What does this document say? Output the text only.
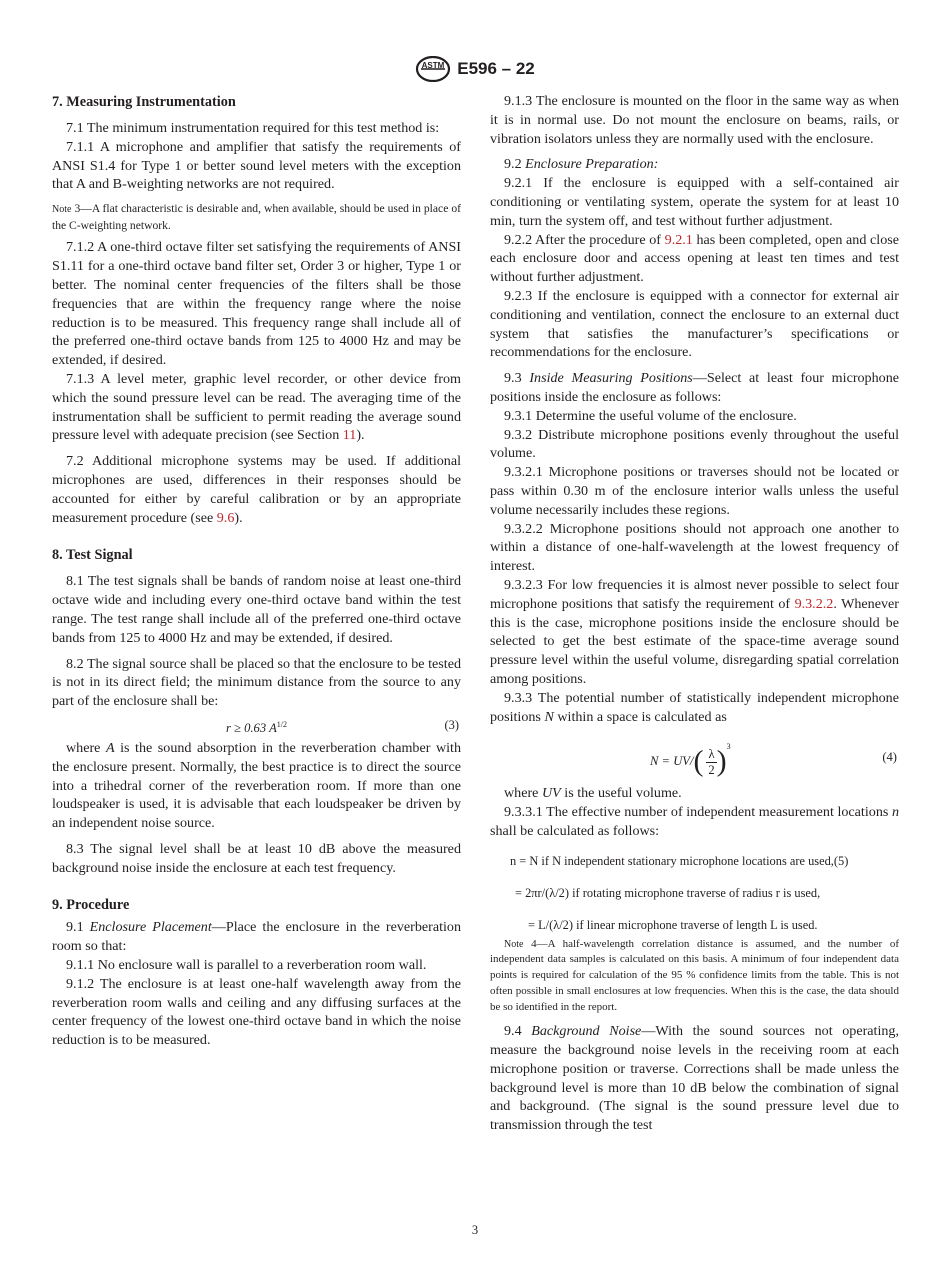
ASTM E596 – 22
7. Measuring Instrumentation

7.1 The minimum instrumentation required for this test method is:

7.1.1 A microphone and amplifier that satisfy the requirements of ANSI S1.4 for Type 1 or better sound level meters with the exception that A and B-weighting networks are not required.

Note 3—A flat characteristic is desirable and, when available, should be used in place of the C-weighting network.

7.1.2 A one-third octave filter set satisfying the requirements of ANSI S1.11 for a one-third octave band filter set, Order 3 or higher, Type 1 or better. The nominal center frequencies of the filters shall be those frequencies that are within the frequency range where the noise reduction is to be measured. This frequency range shall include all of the preferred one-third octave bands from 125 to 4000 Hz and may be extended, if desired.

7.1.3 A level meter, graphic level recorder, or other device from which the sound pressure level can be read. The averaging time of the instrumentation shall be sufficient to permit reading the average sound pressure level with adequate precision (see Section 11).

7.2 Additional microphone systems may be used. If additional microphones are used, differences in their responses should be accounted for either by careful calibration or by an appropriate measurement procedure (see 9.6).

8. Test Signal

8.1 The test signals shall be bands of random noise at least one-third octave wide and including every one-third octave band within the test range. The test range shall include all of the preferred one-third octave bands from 125 to 4000 Hz and may be extended, if desired.

8.2 The signal source shall be placed so that the enclosure to be tested is not in its direct field; the minimum distance from the source to any part of the enclosure shall be:

r ≥ 0.63 $A^{1/2}$	(3)

where A is the sound absorption in the reverberation chamber with the enclosure present. Normally, the best practice is to direct the source into a trihedral corner of the reverberation room. If more than one loudspeaker is used, it is advisable that each loudspeaker be driven by an independent noise source.

8.3 The signal level shall be at least 10 dB above the measured background noise inside the enclosure at each test frequency.

9. Procedure

9.1 Enclosure Placement—Place the enclosure in the reverberation room so that:

9.1.1 No enclosure wall is parallel to a reverberation room wall.

9.1.2 The enclosure is at least one-half wavelength away from the reverberation room walls and ceiling and any diffusing surfaces at the center frequency of the lowest one-third octave band in which the noise reduction is to be measured.

9.1.3 The enclosure is mounted on the floor in the same way as when it is in normal use. Do not mount the enclosure on beams, rails, or vibration isolators unless they are normally used with the enclosure.

9.2 Enclosure Preparation:

9.2.1 If the enclosure is equipped with a self-contained air conditioning or ventilating system, operate the system for at least 10 min, turn the system off, and test without further adjustment.

9.2.2 After the procedure of 9.2.1 has been completed, open and close each enclosure door and access opening at least ten times and test without further adjustment.

9.2.3 If the enclosure is equipped with a connector for external air conditioning and ventilation, connect the enclosure to an external duct system that satisfies the manufacturer’s specifications or recommendations for the enclosure.

9.3 Inside Measuring Positions—Select at least four microphone positions inside the enclosure as follows:

9.3.1 Determine the useful volume of the enclosure.

9.3.2 Distribute microphone positions evenly throughout the useful volume.

9.3.2.1 Microphone positions or traverses should not be located or pass within 0.30 m of the enclosure interior walls unless the useful volume necessarily includes these regions.

9.3.2.2 Microphone positions should not approach one another to within a distance of one-half-wavelength at the lowest frequency of interest.

9.3.2.3 For low frequencies it is almost never possible to select four microphone positions that satisfy the requirement of 9.3.2.2. Whenever this is the case, microphone positions inside the enclosure should be selected to get the best estimate of the space-time average sound pressure level within the useful volume, disregarding spatial correlation among positions.

9.3.3 The potential number of statistically independent microphone positions N within a space is calculated as

$N = UV/( \frac{\lambda}{2} )^3$
(4)

where UV is the useful volume.

9.3.3.1 The effective number of independent measurement locations n shall be calculated as follows:

n = N if N independent stationary microphone locations are used,(5)
= 2πr/(λ/2) if rotating microphone traverse of radius r is used,
= L/(λ/2) if linear microphone traverse of length L is used.

Note 4—A half-wavelength correlation distance is assumed, and the number of independent data samples is calculated on this basis. A minimum of four independent data points is required for calculation of the 95 % confidence limits from the table. This is not often possible in small enclosures at low frequencies. When this is the case, the data should be so identified in the report.

9.4 Background Noise—With the sound sources not operating, measure the background noise levels in the receiving room at each microphone position or traverse. Corrections shall be made unless the background level is more than 10 dB below the combination of signal and background. (The signal is the sound pressure level due to transmission through the test

3
